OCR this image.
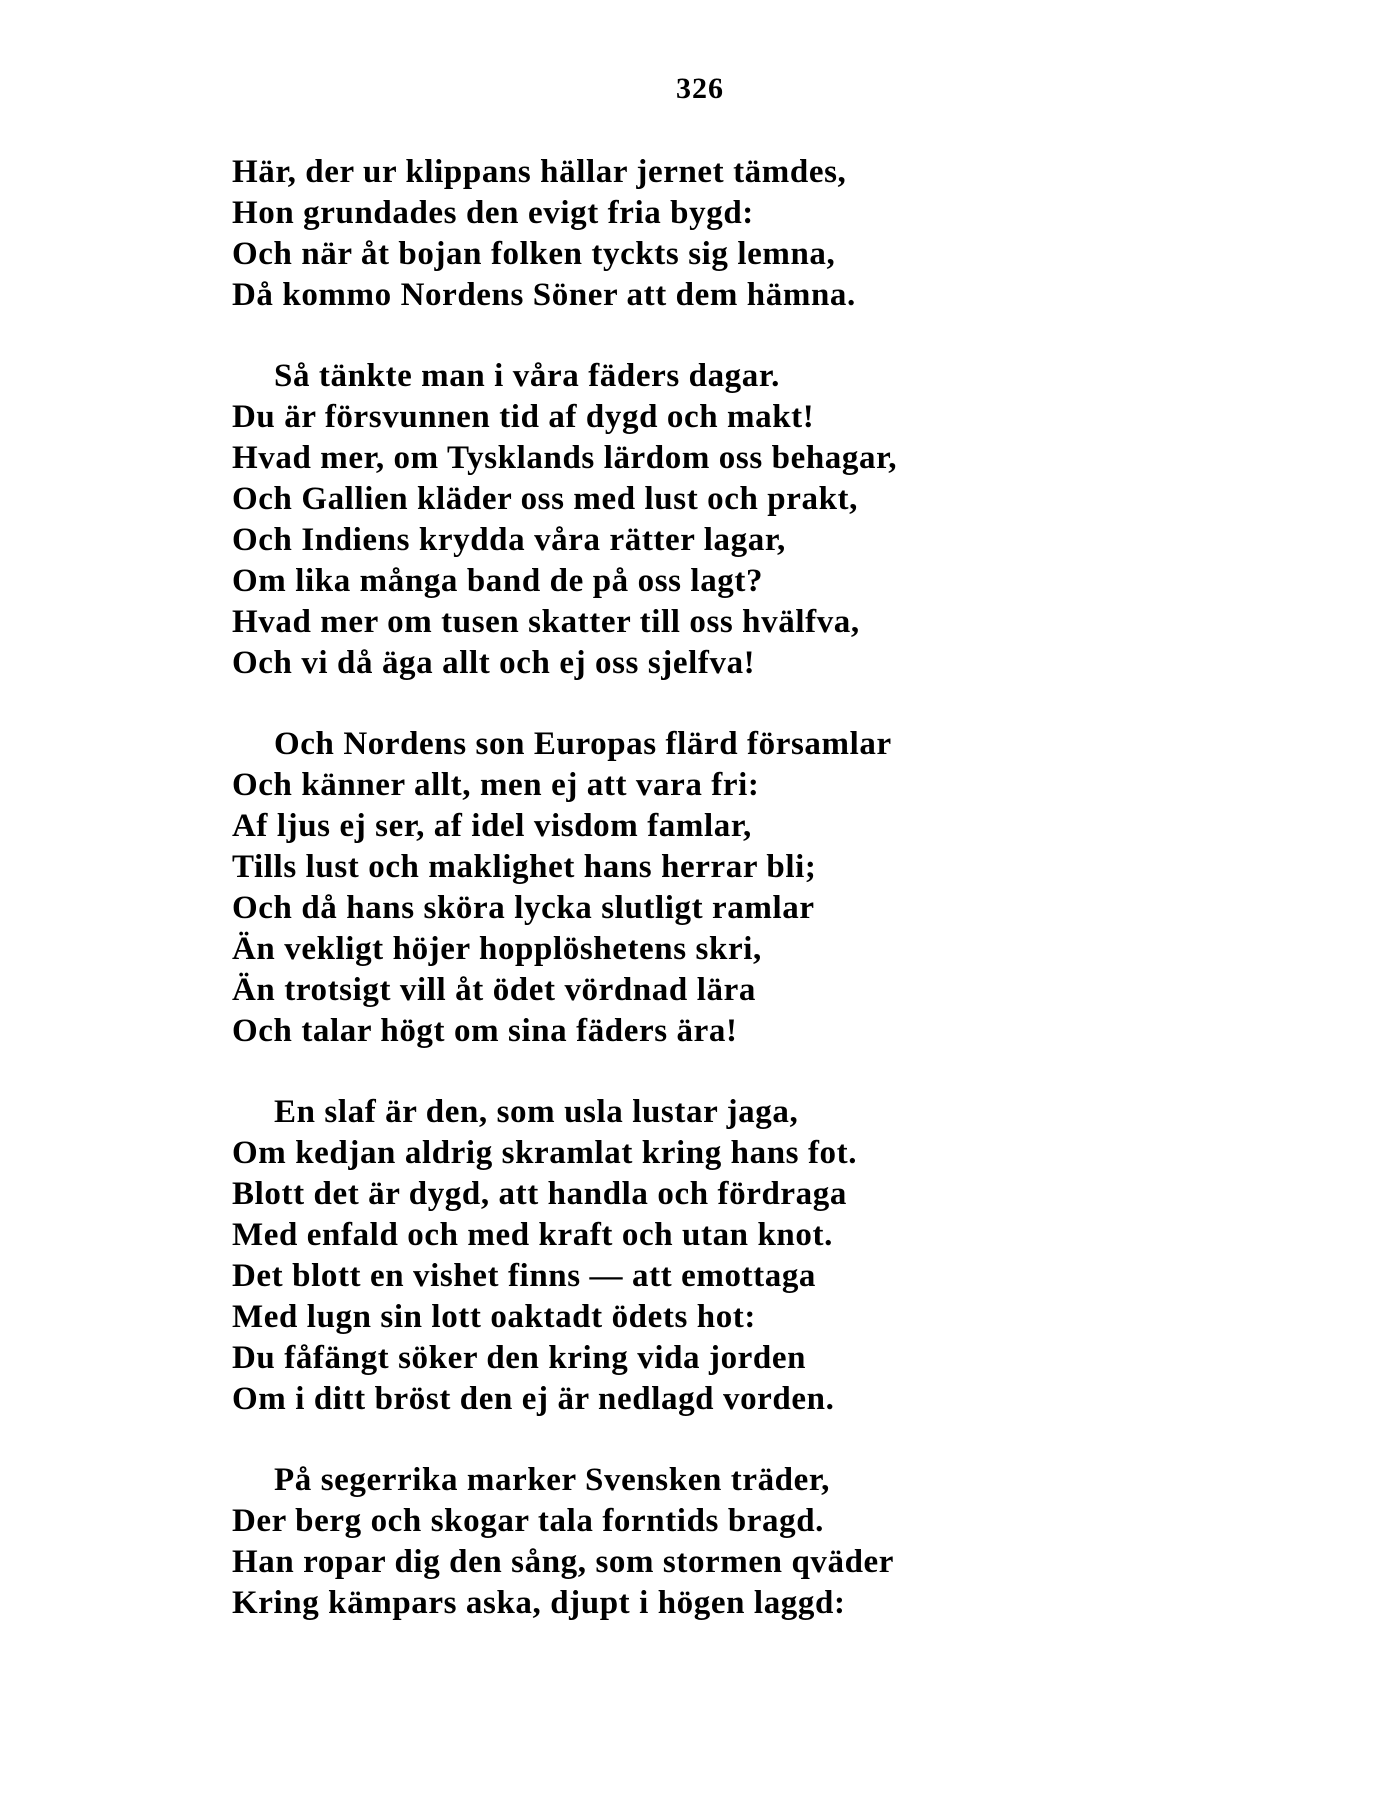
326
Här, der ur klippans hällar jernet tämdes,
Hon grundades den evigt fria bygd:
Och när åt bojan folken tyckts sig lemna,
Då kommo Nordens Söner att dem hämna.
Så tänkte man i våra fäders dagar.
Du är försvunnen tid af dygd och makt!
Hvad mer, om Tysklands lärdom oss behagar,
Och Gallien kläder oss med lust och prakt,
Och Indiens krydda våra rätter lagar,
Om lika många band de på oss lagt?
Hvad mer om tusen skatter till oss hvälfva,
Och vi då äga allt och ej oss sjelfva!
Och Nordens son Europas flärd församlar
Och känner allt, men ej att vara fri:
Af ljus ej ser, af idel visdom famlar,
Tills lust och maklighet hans herrar bli;
Och då hans sköra lycka slutligt ramlar
Än vekligt höjer hopplöshetens skri,
Än trotsigt vill åt ödet vördnad lära
Och talar högt om sina fäders ära!
En slaf är den, som usla lustar jaga,
Om kedjan aldrig skramlat kring hans fot.
Blott det är dygd, att handla och fördraga
Med enfald och med kraft och utan knot.
Det blott en vishet finns — att emottaga
Med lugn sin lott oaktadt ödets hot:
Du fåfängt söker den kring vida jorden
Om i ditt bröst den ej är nedlagd vorden.
På segerrika marker Svensken träder,
Der berg och skogar tala forntids bragd.
Han ropar dig den sång, som stormen qväder
Kring kämpars aska, djupt i högen laggd:
